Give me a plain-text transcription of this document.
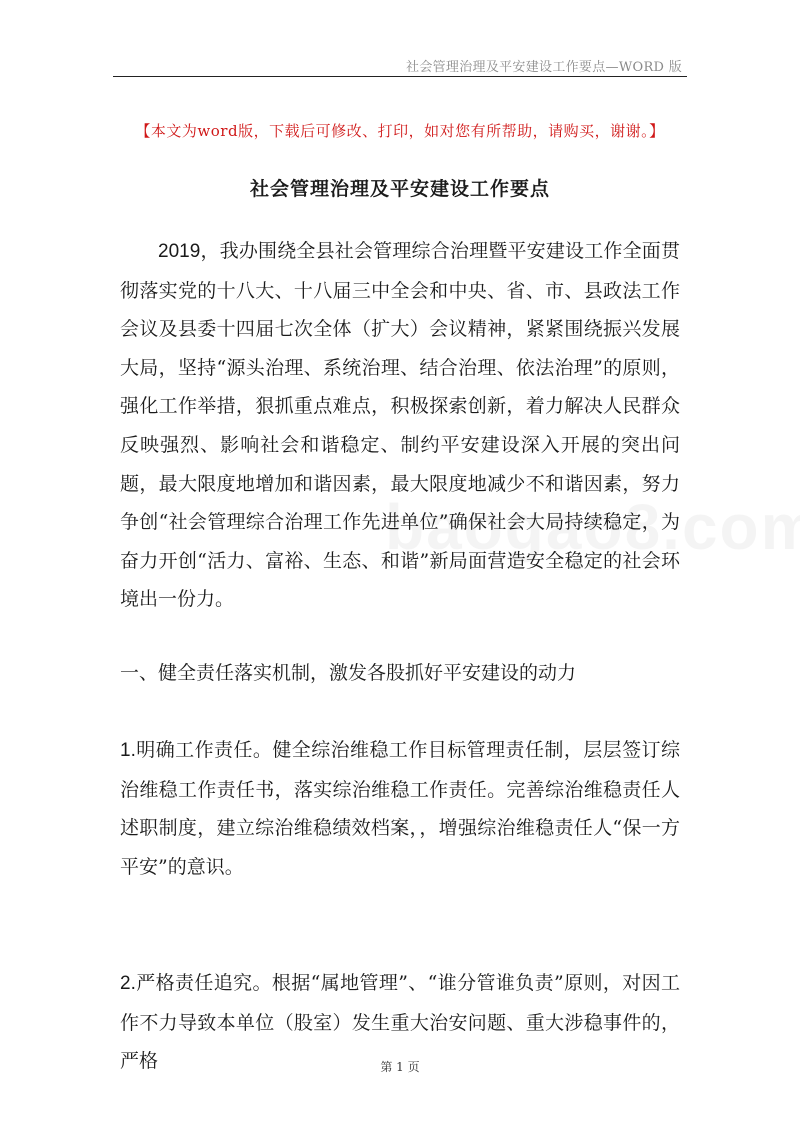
社会管理治理及平安建设工作要点—WORD 版
【本文为word版，下载后可修改、打印，如对您有所帮助，请购买，谢谢。】
社会管理治理及平安建设工作要点

2019，我办围绕全县社会管理综合治理暨平安建设工作全面贯彻落实党的十八大、十八届三中全会和中央、省、市、县政法工作会议及县委十四届七次全体（扩大）会议精神，紧紧围绕振兴发展大局，坚持“源头治理、系统治理、结合治理、依法治理”的原则，强化工作举措，狠抓重点难点，积极探索创新，着力解决人民群众反映强烈、影响社会和谐稳定、制约平安建设深入开展的突出问题，最大限度地增加和谐因素，最大限度地减少不和谐因素，努力争创“社会管理综合治理工作先进单位”确保社会大局持续稳定，为奋力开创“活力、富裕、生态、和谐”新局面营造安全稳定的社会环境出一份力。

一、健全责任落实机制，激发各股抓好平安建设的动力

1.明确工作责任。健全综治维稳工作目标管理责任制，层层签订综治维稳工作责任书，落实综治维稳工作责任。完善综治维稳责任人述职制度，建立综治维稳绩效档案，，增强综治维稳责任人“保一方平安”的意识。

2.严格责任追究。根据“属地管理”、“谁分管谁负责”原则，对因工作不力导致本单位（股室）发生重大治安问题、重大涉稳事件的，严格	第 1 页
